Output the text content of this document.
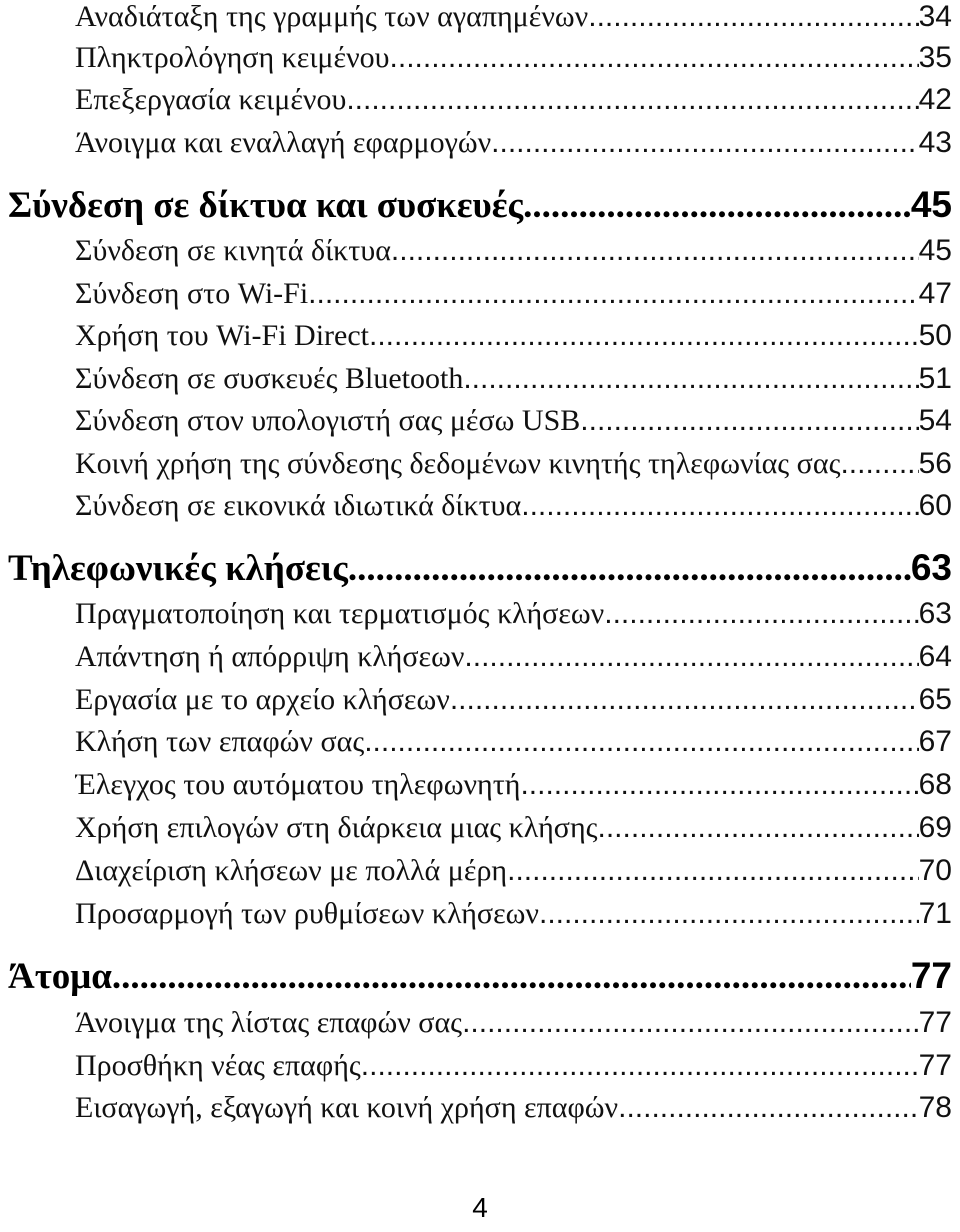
Αναδιάταξη της γραμμής των αγαπημένων .....	34
Πληκτρολόγηση κειμένου .....	35
Επεξεργασία κειμένου .....	42
Άνοιγμα και εναλλαγή εφαρμογών .....	43
Σύνδεση σε δίκτυα και συσκευές .....	45
Σύνδεση σε κινητά δίκτυα .....	45
Σύνδεση στο Wi-Fi .....	47
Χρήση του Wi-Fi Direct .....	50
Σύνδεση σε συσκευές Bluetooth .....	51
Σύνδεση στον υπολογιστή σας μέσω USB .....	54
Κοινή χρήση της σύνδεσης δεδομένων κινητής τηλεφωνίας σας .....	56
Σύνδεση σε εικονικά ιδιωτικά δίκτυα .....	60
Τηλεφωνικές κλήσεις .....	63
Πραγματοποίηση και τερματισμός κλήσεων .....	63
Απάντηση ή απόρριψη κλήσεων .....	64
Εργασία με το αρχείο κλήσεων .....	65
Κλήση των επαφών σας .....	67
Έλεγχος του αυτόματου τηλεφωνητή .....	68
Χρήση επιλογών στη διάρκεια μιας κλήσης .....	69
Διαχείριση κλήσεων με πολλά μέρη .....	70
Προσαρμογή των ρυθμίσεων κλήσεων .....	71
Άτομα .....	77
Άνοιγμα της λίστας επαφών σας .....	77
Προσθήκη νέας επαφής .....	77
Εισαγωγή, εξαγωγή και κοινή χρήση επαφών .....	78
4
